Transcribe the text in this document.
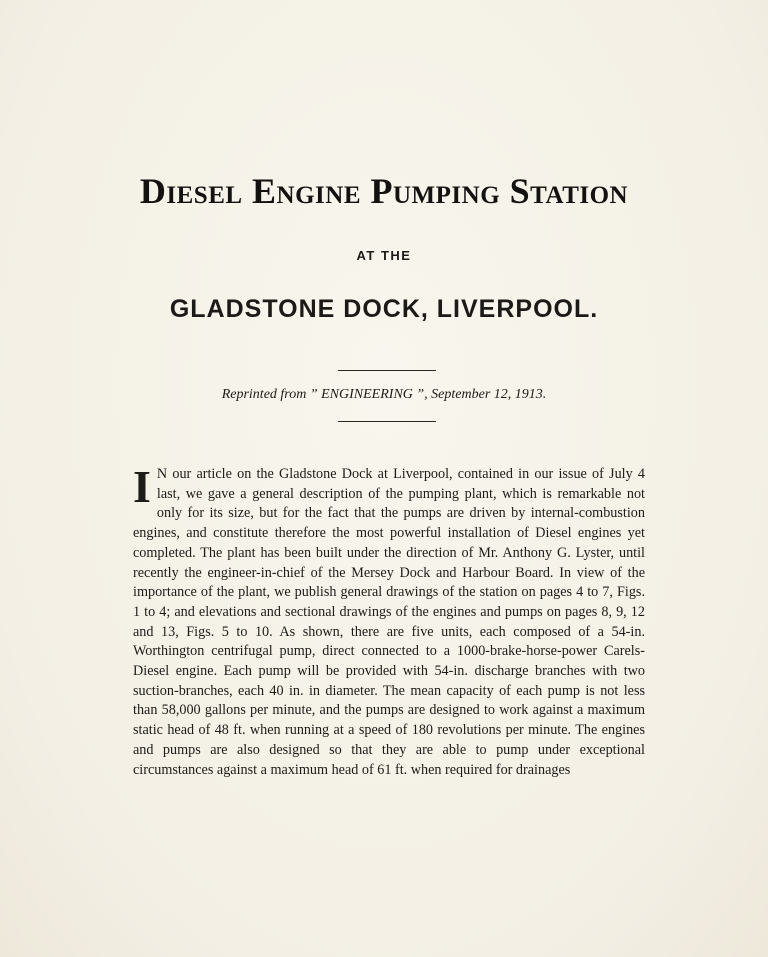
Diesel Engine Pumping Station
AT THE
GLADSTONE DOCK, LIVERPOOL.
Reprinted from ” ENGINEERING ”, September 12, 1913.
I N our article on the Gladstone Dock at Liverpool, contained in our issue of July 4 last, we gave a general description of the pumping plant, which is remarkable not only for its size, but for the fact that the pumps are driven by internal-combustion engines, and constitute therefore the most powerful installation of Diesel engines yet completed. The plant has been built under the direction of Mr. Anthony G. Lyster, until recently the engineer-in-chief of the Mersey Dock and Harbour Board. In view of the importance of the plant, we publish general drawings of the station on pages 4 to 7, Figs. 1 to 4; and elevations and sectional drawings of the engines and pumps on pages 8, 9, 12 and 13, Figs. 5 to 10. As shown, there are five units, each composed of a 54-in. Worthington centrifugal pump, direct connected to a 1000-brake-horse-power Carels-Diesel engine. Each pump will be provided with 54-in. discharge branches with two suction-branches, each 40 in. in diameter. The mean capacity of each pump is not less than 58,000 gallons per minute, and the pumps are designed to work against a maximum static head of 48 ft. when running at a speed of 180 revolutions per minute. The engines and pumps are also designed so that they are able to pump under exceptional circumstances against a maximum head of 61 ft. when required for drainages
